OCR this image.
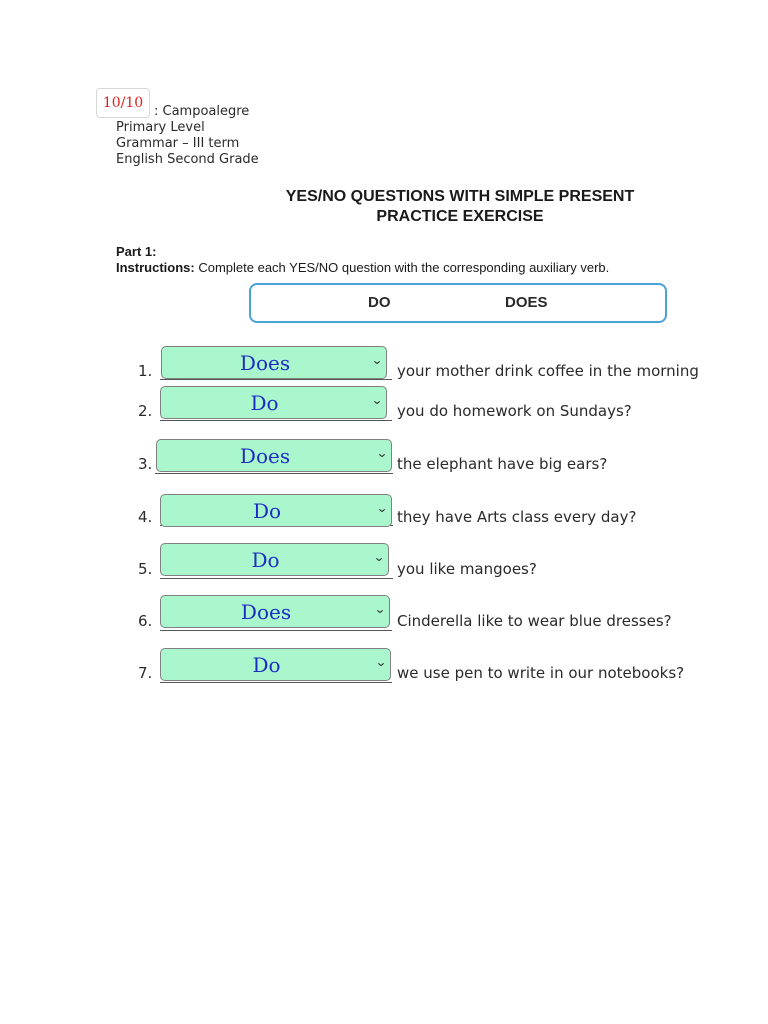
10/10
: Campoalegre
Primary Level
Grammar – III term
English Second Grade
YES/NO QUESTIONS WITH SIMPLE PRESENT
PRACTICE EXERCISE
Part 1:
Instructions: Complete each YES/NO question with the corresponding auxiliary verb.
DO	DOES
1.	Does	⌄
your mother drink coffee in the morning
2.	Do	⌄
you do homework on Sundays?
3.	Does	⌄
the elephant have big ears?
4.	Do	⌄ they have Arts class every day?
5.	Do	⌄
you like mangoes?
6.	Does	⌄
Cinderella like to wear blue dresses?
7.	Do	⌄
we use pen to write in our notebooks?
